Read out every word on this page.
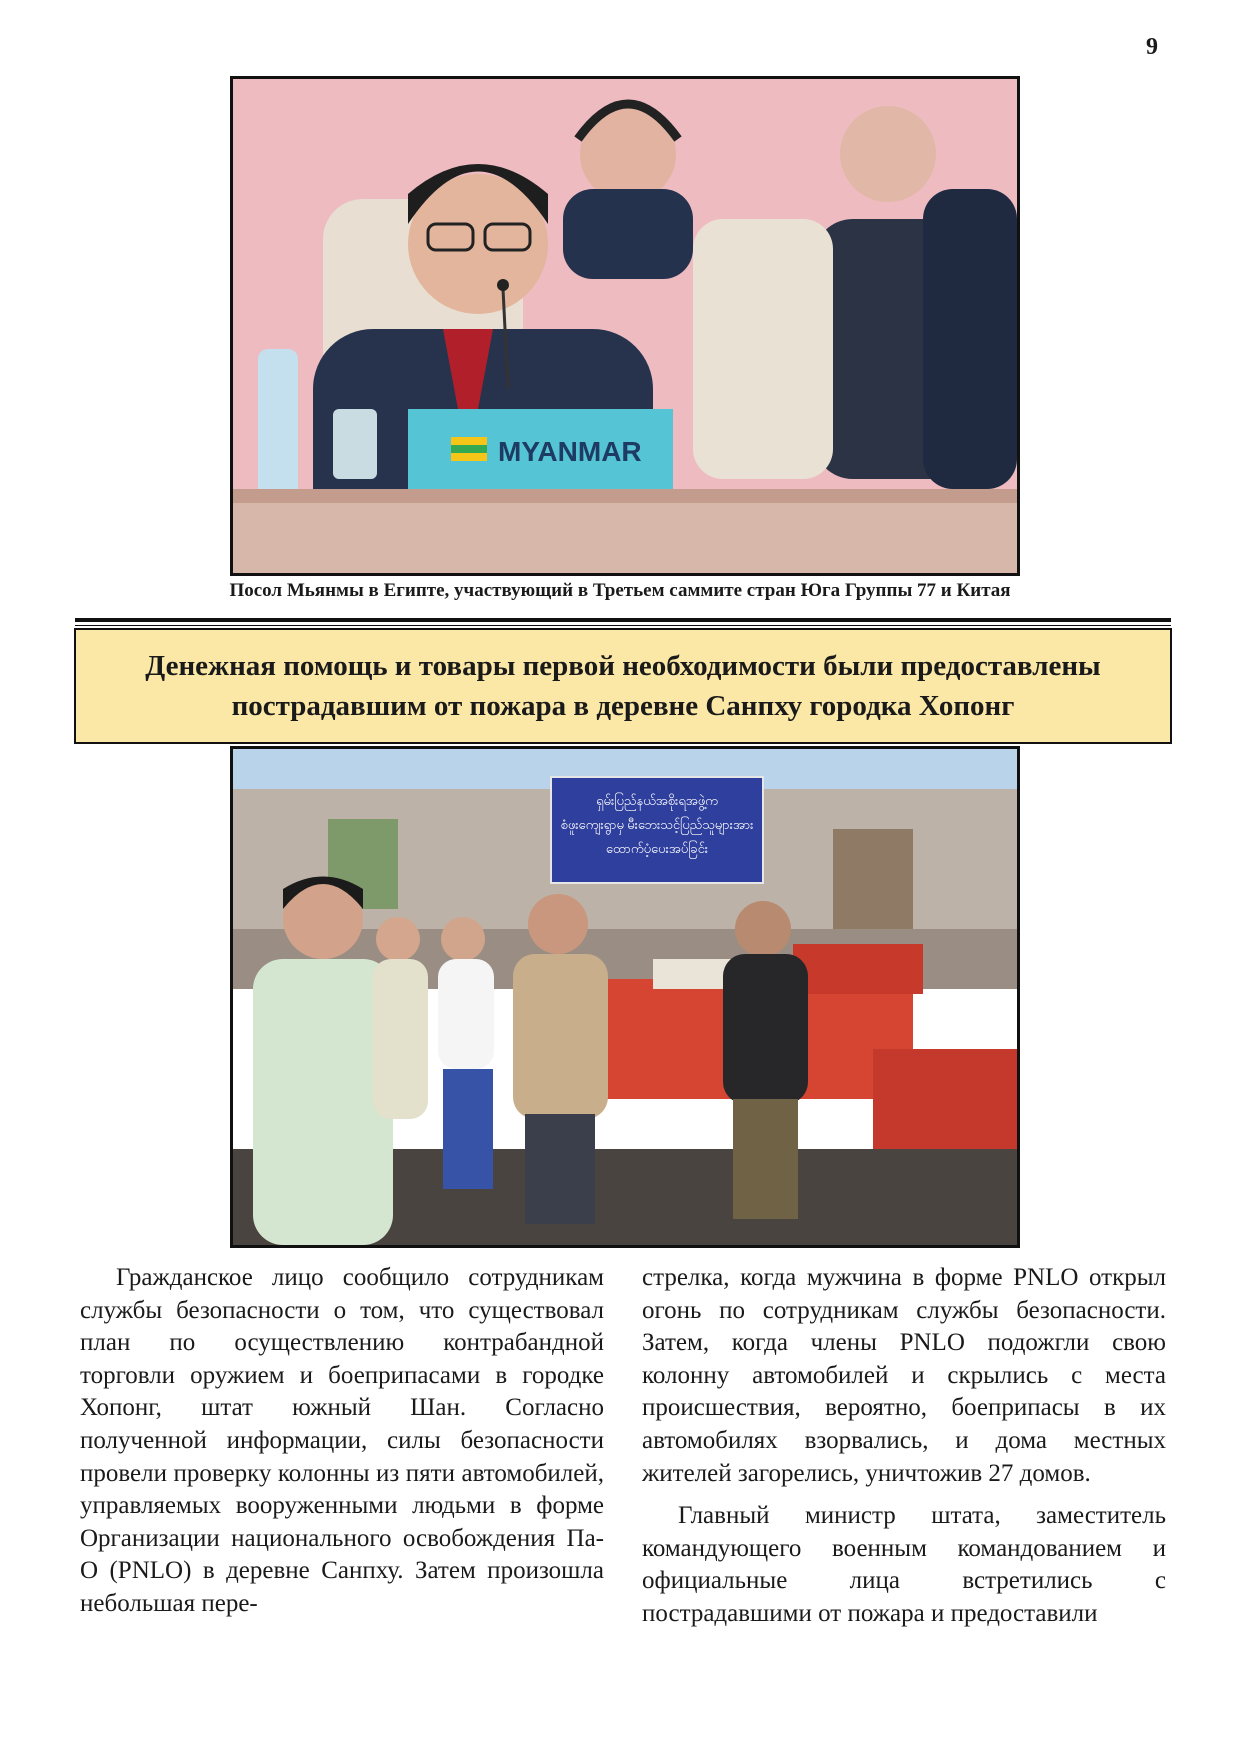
9
MYANMAR
Посол Мьянмы в Египте, участвующий в Третьем саммите стран Юга Группы 77 и Китая
Денежная помощь и товары первой необходимости были предоставлены
пострадавшим от пожара в деревне Санпху городка Хопонг
ရှမ်းပြည်နယ်အစိုးရအဖွဲ့က
စံဖူးကျေးရွာမှ မီးဘေးသင့်ပြည်သူများအား
ထောက်ပံ့ပေးအပ်ခြင်း

Гражданское лицо сообщило сотрудникам службы безопасности о том, что существовал план по осуществлению контрабандной торговли оружием и боеприпасами в городке Хопонг, штат южный Шан. Согласно полученной информации, силы безопасности провели проверку колонны из пяти автомобилей, управляемых вооруженными людьми в форме Организации национального освобождения Па-О (PNLO) в деревне Санпху. Затем произошла небольшая пере-

стрелка, когда мужчина в форме PNLO открыл огонь по сотрудникам службы безопасности. Затем, когда члены PNLO подожгли свою колонну автомобилей и скрылись с места происшествия, вероятно, боеприпасы в их автомобилях взорвались, и дома местных жителей загорелись, уничтожив 27 домов.

Главный министр штата, заместитель командующего военным командованием и официальные лица встретились с пострадавшими от пожара и предоставили
